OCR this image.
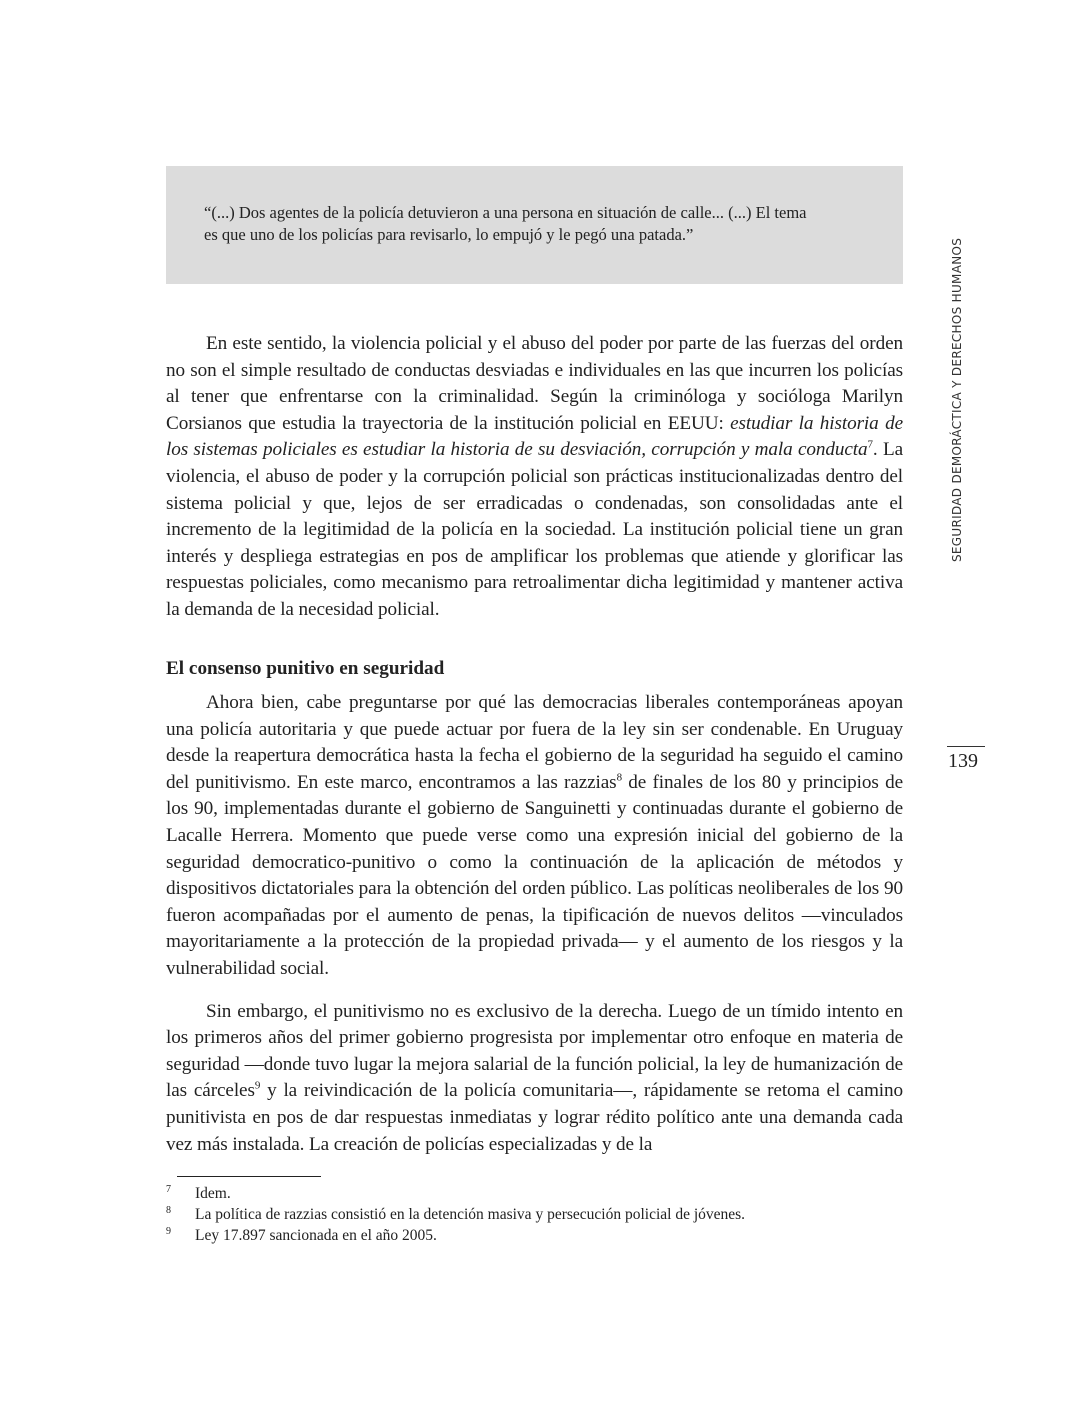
“(...) Dos agentes de la policía detuvieron a una persona en situación de calle... (...) El tema
es que uno de los policías para revisarlo, lo empujó y le pegó una patada.”

En este sentido, la violencia policial y el abuso del poder por parte de las fuerzas del orden no son el simple resultado de conductas desviadas e individuales en las que incurren los policías al tener que enfrentarse con la criminalidad. Según la criminóloga y socióloga Marilyn Corsianos que estudia la trayectoria de la institución policial en EEUU: estudiar la historia de los sistemas policiales es estudiar la historia de su desviación, corrupción y mala conducta$^7$. La violencia, el abuso de poder y la corrupción policial son prácticas institucionalizadas dentro del sistema policial y que, lejos de ser erradicadas o condenadas, son consolidadas ante el incremento de la legitimidad de la policía en la sociedad. La institución policial tiene un gran interés y despliega estrategias en pos de amplificar los problemas que atiende y glorificar las respuestas policiales, como mecanismo para retroalimentar dicha legitimidad y mantener activa la demanda de la necesidad policial.

El consenso punitivo en seguridad

Ahora bien, cabe preguntarse por qué las democracias liberales contemporáneas apoyan una policía autoritaria y que puede actuar por fuera de la ley sin ser condenable. En Uruguay desde la reapertura democrática hasta la fecha el gobierno de la seguridad ha seguido el camino del punitivismo. En este marco, encontramos a las razzias$^8$ de finales de los 80 y principios de los 90, implementadas durante el gobierno de Sanguinetti y continuadas durante el gobierno de Lacalle Herrera. Momento que puede verse como una expresión inicial del gobierno de la seguridad democratico-punitivo o como la continuación de la aplicación de métodos y dispositivos dictatoriales para la obtención del orden público. Las políticas neoliberales de los 90 fueron acompañadas por el aumento de penas, la tipificación de nuevos delitos —vinculados mayoritariamente a la protección de la propiedad privada— y el aumento de los riesgos y la vulnerabilidad social.

Sin embargo, el punitivismo no es exclusivo de la derecha. Luego de un tímido intento en los primeros años del primer gobierno progresista por implementar otro enfoque en materia de seguridad —donde tuvo lugar la mejora salarial de la función policial, la ley de humanización de las cárceles$^9$ y la reivindicación de la policía comunitaria—, rápidamente se retoma el camino punitivista en pos de dar respuestas inmediatas y lograr rédito político ante una demanda cada vez más instalada. La creación de policías especializadas y de la

SEGURIDAD DEMORÁCTICA Y DERECHOS HUMANOS
139
7	Idem.
8	La política de razzias consistió en la detención masiva y persecución policial de jóvenes.
9	Ley 17.897 sancionada en el año 2005.
